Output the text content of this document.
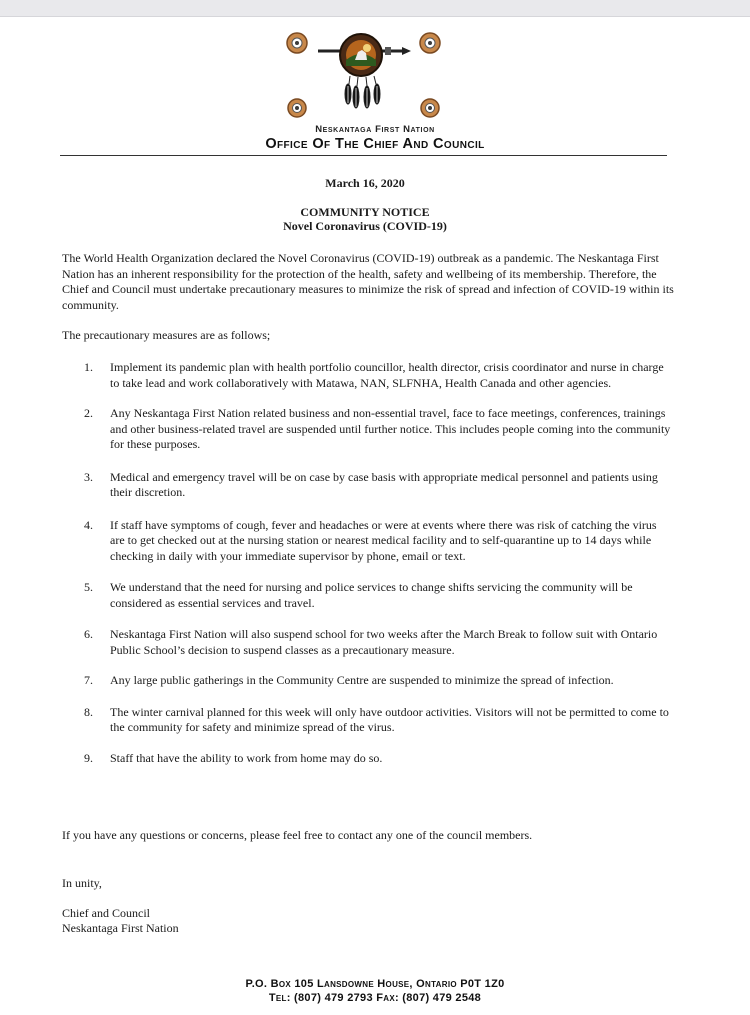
Neskantaga First Nation
Office Of The Chief And Council
March 16, 2020
COMMUNITY NOTICE
Novel Coronavirus (COVID-19)
The World Health Organization declared the Novel Coronavirus (COVID-19) outbreak as a pandemic. The Neskantaga First Nation has an inherent responsibility for the protection of the health, safety and wellbeing of its membership. Therefore, the Chief and Council must undertake precautionary measures to minimize the risk of spread and infection of COVID-19 within its community.
The precautionary measures are as follows;
1. Implement its pandemic plan with health portfolio councillor, health director, crisis coordinator and nurse in charge to take lead and work collaboratively with Matawa, NAN, SLFNHA, Health Canada and other agencies.
2. Any Neskantaga First Nation related business and non-essential travel, face to face meetings, conferences, trainings and other business-related travel are suspended until further notice. This includes people coming into the community for these purposes.
3. Medical and emergency travel will be on case by case basis with appropriate medical personnel and patients using their discretion.
4. If staff have symptoms of cough, fever and headaches or were at events where there was risk of catching the virus are to get checked out at the nursing station or nearest medical facility and to self-quarantine up to 14 days while checking in daily with your immediate supervisor by phone, email or text.
5. We understand that the need for nursing and police services to change shifts servicing the community will be considered as essential services and travel.
6. Neskantaga First Nation will also suspend school for two weeks after the March Break to follow suit with Ontario Public School’s decision to suspend classes as a precautionary measure.
7. Any large public gatherings in the Community Centre are suspended to minimize the spread of infection.
8. The winter carnival planned for this week will only have outdoor activities. Visitors will not be permitted to come to the community for safety and minimize spread of the virus.
9. Staff that have the ability to work from home may do so.
If you have any questions or concerns, please feel free to contact any one of the council members.
In unity,
Chief and Council
Neskantaga First Nation
P.O. Box 105 Lansdowne House, Ontario P0T 1Z0
Tel: (807) 479 2793 Fax: (807) 479 2548
